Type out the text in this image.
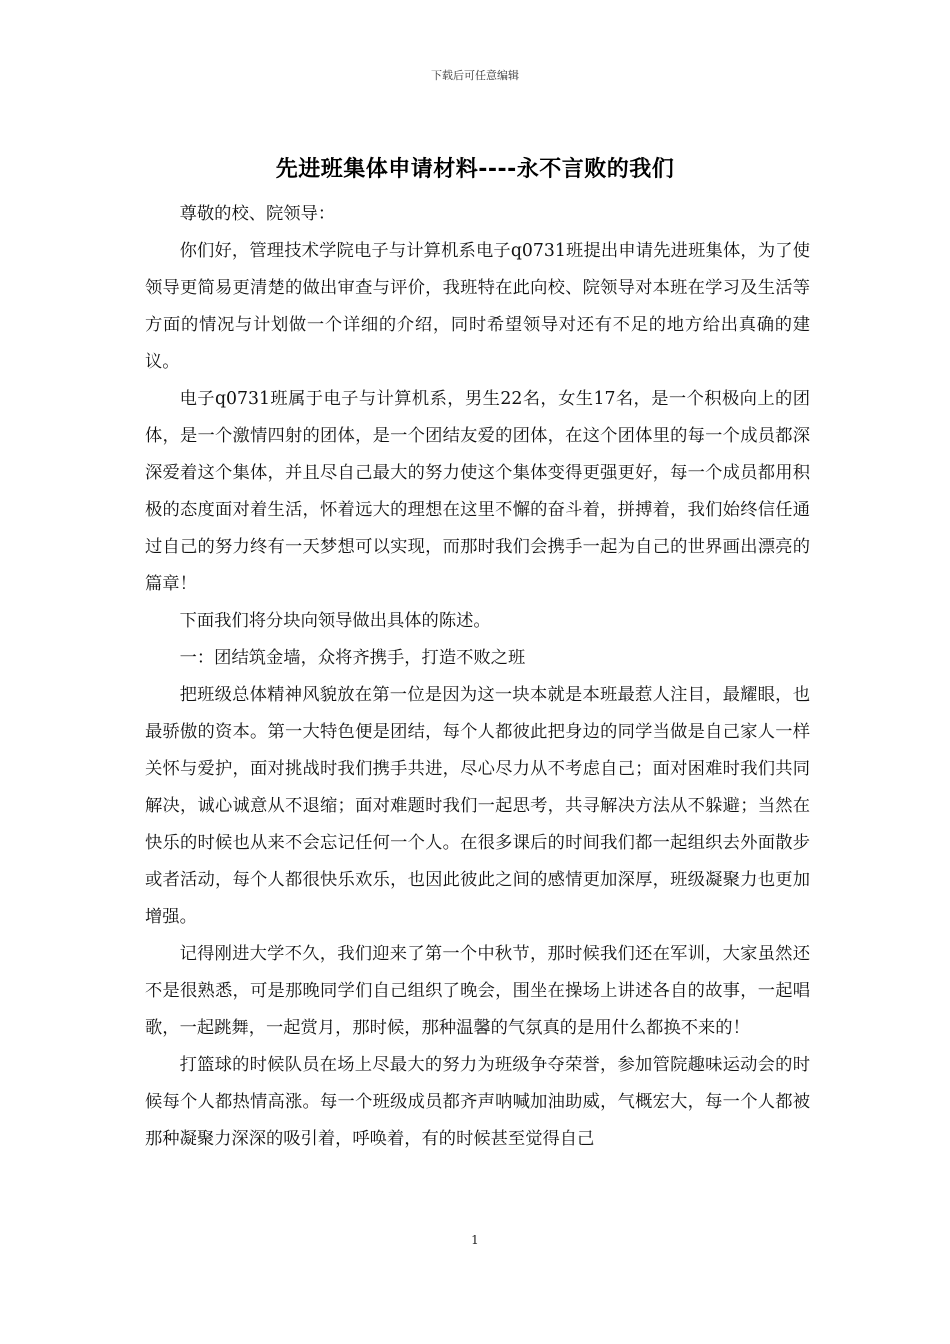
下载后可任意编辑
先进班集体申请材料----永不言败的我们

尊敬的校、院领导：

你们好，管理技术学院电子与计算机系电子q0731班提出申请先进班集体，为了使领导更简易更清楚的做出审查与评价，我班特在此向校、院领导对本班在学习及生活等方面的情况与计划做一个详细的介绍，同时希望领导对还有不足的地方给出真确的建议。

电子q0731班属于电子与计算机系，男生22名，女生17名，是一个积极向上的团体，是一个激情四射的团体，是一个团结友爱的团体，在这个团体里的每一个成员都深深爱着这个集体，并且尽自己最大的努力使这个集体变得更强更好，每一个成员都用积极的态度面对着生活，怀着远大的理想在这里不懈的奋斗着，拼搏着，我们始终信任通过自己的努力终有一天梦想可以实现，而那时我们会携手一起为自己的世界画出漂亮的篇章！

下面我们将分块向领导做出具体的陈述。

一：团结筑金墙，众将齐携手，打造不败之班

把班级总体精神风貌放在第一位是因为这一块本就是本班最惹人注目，最耀眼，也最骄傲的资本。第一大特色便是团结，每个人都彼此把身边的同学当做是自己家人一样关怀与爱护，面对挑战时我们携手共进，尽心尽力从不考虑自己；面对困难时我们共同解决，诚心诚意从不退缩；面对难题时我们一起思考，共寻解决方法从不躲避；当然在快乐的时候也从来不会忘记任何一个人。在很多课后的时间我们都一起组织去外面散步或者活动，每个人都很快乐欢乐，也因此彼此之间的感情更加深厚，班级凝聚力也更加增强。

记得刚进大学不久，我们迎来了第一个中秋节，那时候我们还在军训，大家虽然还不是很熟悉，可是那晚同学们自己组织了晚会，围坐在操场上讲述各自的故事，一起唱歌，一起跳舞，一起赏月，那时候，那种温馨的气氛真的是用什么都换不来的！

打篮球的时候队员在场上尽最大的努力为班级争夺荣誉，参加管院趣味运动会的时候每个人都热情高涨。每一个班级成员都齐声呐喊加油助威，气概宏大，每一个人都被那种凝聚力深深的吸引着，呼唤着，有的时候甚至觉得自己

1
